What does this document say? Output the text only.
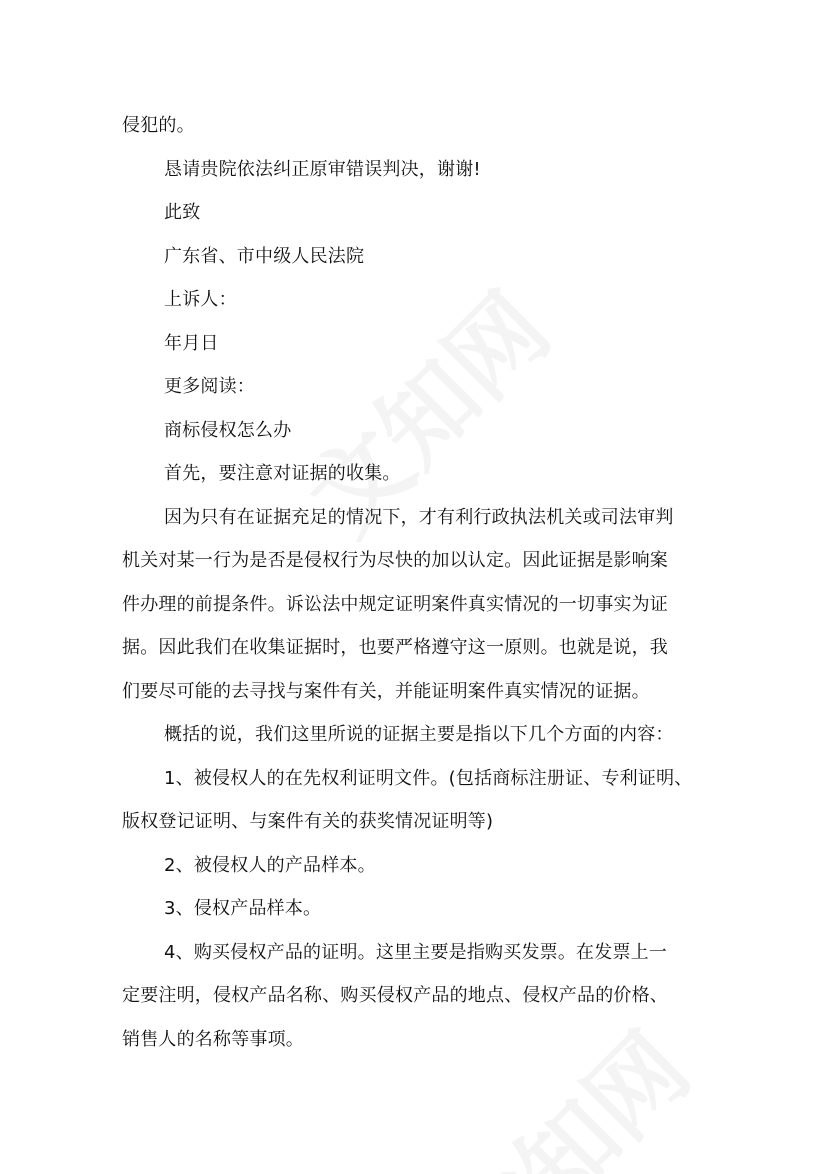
侵犯的。
恳请贵院依法纠正原审错误判决，谢谢!
此致
广东省、市中级人民法院
上诉人：
年月日
更多阅读：
商标侵权怎么办
首先，要注意对证据的收集。
因为只有在证据充足的情况下，才有利行政执法机关或司法审判
机关对某一行为是否是侵权行为尽快的加以认定。因此证据是影响案
件办理的前提条件。诉讼法中规定证明案件真实情况的一切事实为证
据。因此我们在收集证据时，也要严格遵守这一原则。也就是说，我
们要尽可能的去寻找与案件有关，并能证明案件真实情况的证据。
概括的说，我们这里所说的证据主要是指以下几个方面的内容：
1、被侵权人的在先权利证明文件。(包括商标注册证、专利证明、
版权登记证明、与案件有关的获奖情况证明等)
2、被侵权人的产品样本。
3、侵权产品样本。
4、购买侵权产品的证明。这里主要是指购买发票。在发票上一
定要注明，侵权产品名称、购买侵权产品的地点、侵权产品的价格、
销售人的名称等事项。
